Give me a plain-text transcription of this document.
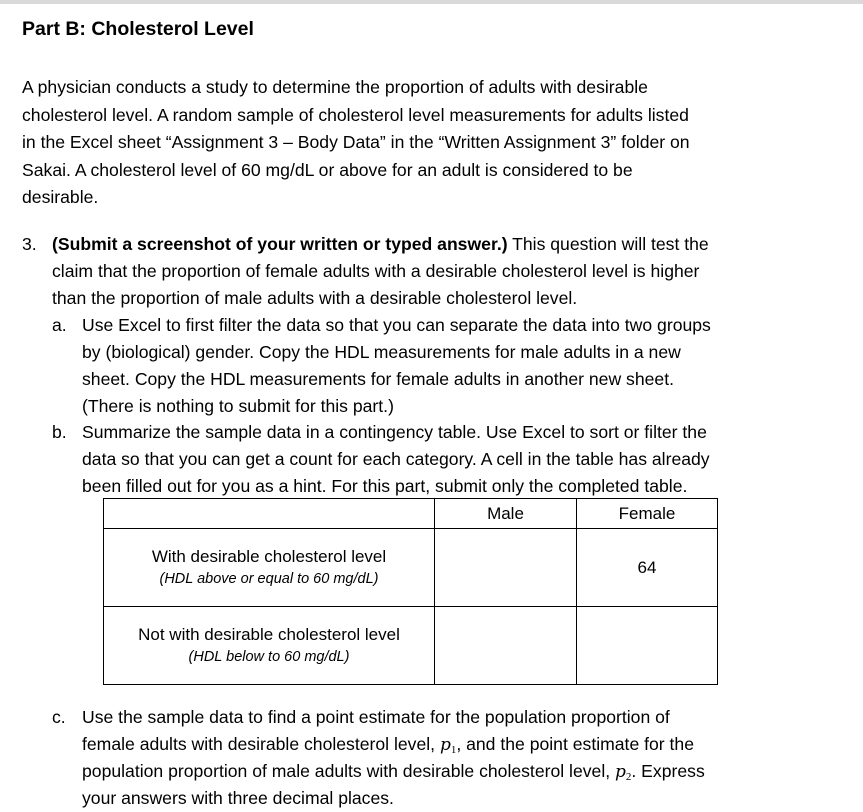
Part B: Cholesterol Level
A physician conducts a study to determine the proportion of adults with desirable
cholesterol level. A random sample of cholesterol level measurements for adults listed
in the Excel sheet “Assignment 3 – Body Data” in the “Written Assignment 3” folder on
Sakai. A cholesterol level of 60 mg/dL or above for an adult is considered to be
desirable.
3. (Submit a screenshot of your written or typed answer.) This question will test the
claim that the proportion of female adults with a desirable cholesterol level is higher
than the proportion of male adults with a desirable cholesterol level.
a. Use Excel to first filter the data so that you can separate the data into two groups
by (biological) gender. Copy the HDL measurements for male adults in a new
sheet. Copy the HDL measurements for female adults in another new sheet.
(There is nothing to submit for this part.)
b. Summarize the sample data in a contingency table. Use Excel to sort or filter the
data so that you can get a count for each category. A cell in the table has already
been filled out for you as a hint. For this part, submit only the completed table.
	Male	Female

With desirable cholesterol level
(HDL above or equal to 60 mg/dL)		64

Not with desirable cholesterol level
(HDL below to 60 mg/dL)		

c. Use the sample data to find a point estimate for the population proportion of
female adults with desirable cholesterol level, $p_1$, and the point estimate for the
population proportion of male adults with desirable cholesterol level, $p_2$. Express
your answers with three decimal places.
